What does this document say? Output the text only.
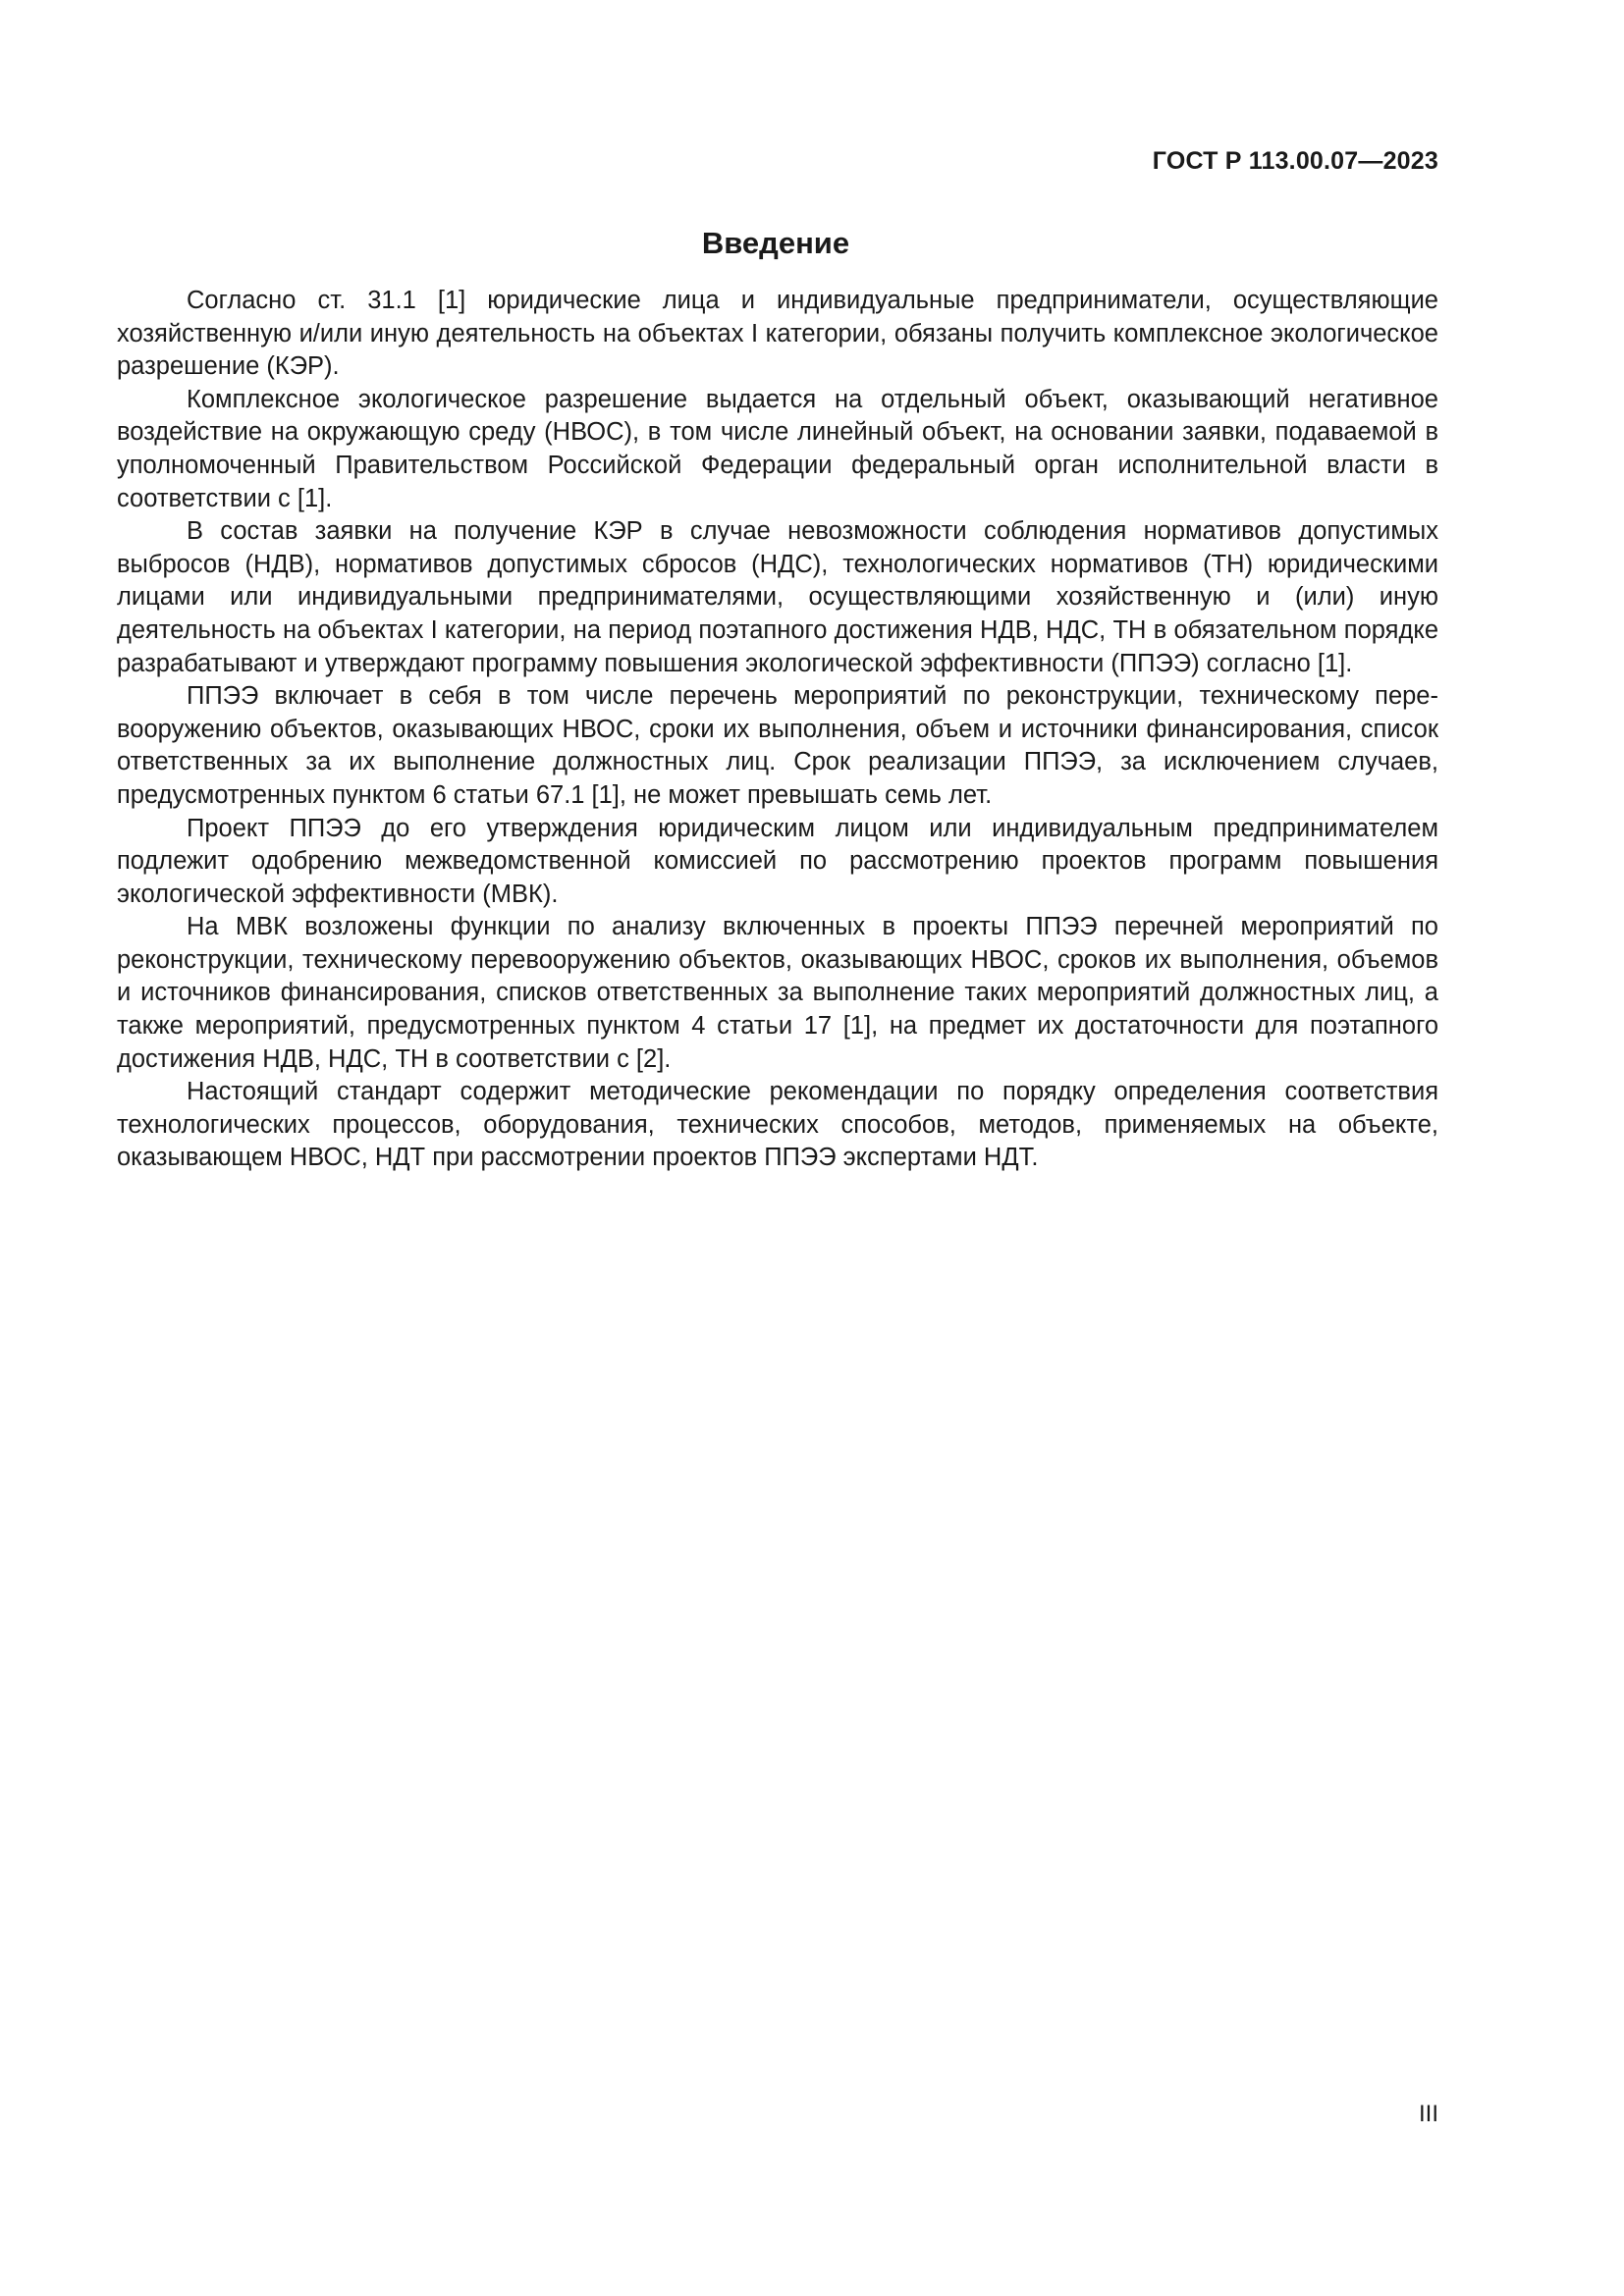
ГОСТ Р 113.00.07—2023
Введение

Согласно ст. 31.1 [1] юридические лица и индивидуальные предприниматели, осуществляющие хозяйственную и/или иную деятельность на объектах I категории, обязаны получить комплексное экологическое разрешение (КЭР).

Комплексное экологическое разрешение выдается на отдельный объект, оказывающий негативное воздействие на окружающую среду (НВОС), в том числе линейный объект, на основании заявки, подаваемой в уполномоченный Правительством Российской Федерации федеральный орган исполнительной власти в соответствии с [1].

В состав заявки на получение КЭР в случае невозможности соблюдения нормативов допустимых выбросов (НДВ), нормативов допустимых сбросов (НДС), технологических нормативов (ТН) юридическими лицами или индивидуальными предпринимателями, осуществляющими хозяйственную и (или) иную деятельность на объектах I категории, на период поэтапного достижения НДВ, НДС, ТН в обязательном порядке разрабатывают и утверждают программу повышения экологической эффективности (ППЭЭ) согласно [1].

ППЭЭ включает в себя в том числе перечень мероприятий по реконструкции, техническому перевооружению объектов, оказывающих НВОС, сроки их выполнения, объем и источники финансирования, список ответственных за их выполнение должностных лиц. Срок реализации ППЭЭ, за исключением случаев, предусмотренных пунктом 6 статьи 67.1 [1], не может превышать семь лет.

Проект ППЭЭ до его утверждения юридическим лицом или индивидуальным предпринимателем подлежит одобрению межведомственной комиссией по рассмотрению проектов программ повышения экологической эффективности (МВК).

На МВК возложены функции по анализу включенных в проекты ППЭЭ перечней мероприятий по реконструкции, техническому перевооружению объектов, оказывающих НВОС, сроков их выполнения, объемов и источников финансирования, списков ответственных за выполнение таких мероприятий должностных лиц, а также мероприятий, предусмотренных пунктом 4 статьи 17 [1], на предмет их достаточности для поэтапного достижения НДВ, НДС, ТН в соответствии с [2].

Настоящий стандарт содержит методические рекомендации по порядку определения соответствия технологических процессов, оборудования, технических способов, методов, применяемых на объекте, оказывающем НВОС, НДТ при рассмотрении проектов ППЭЭ экспертами НДТ.

III
